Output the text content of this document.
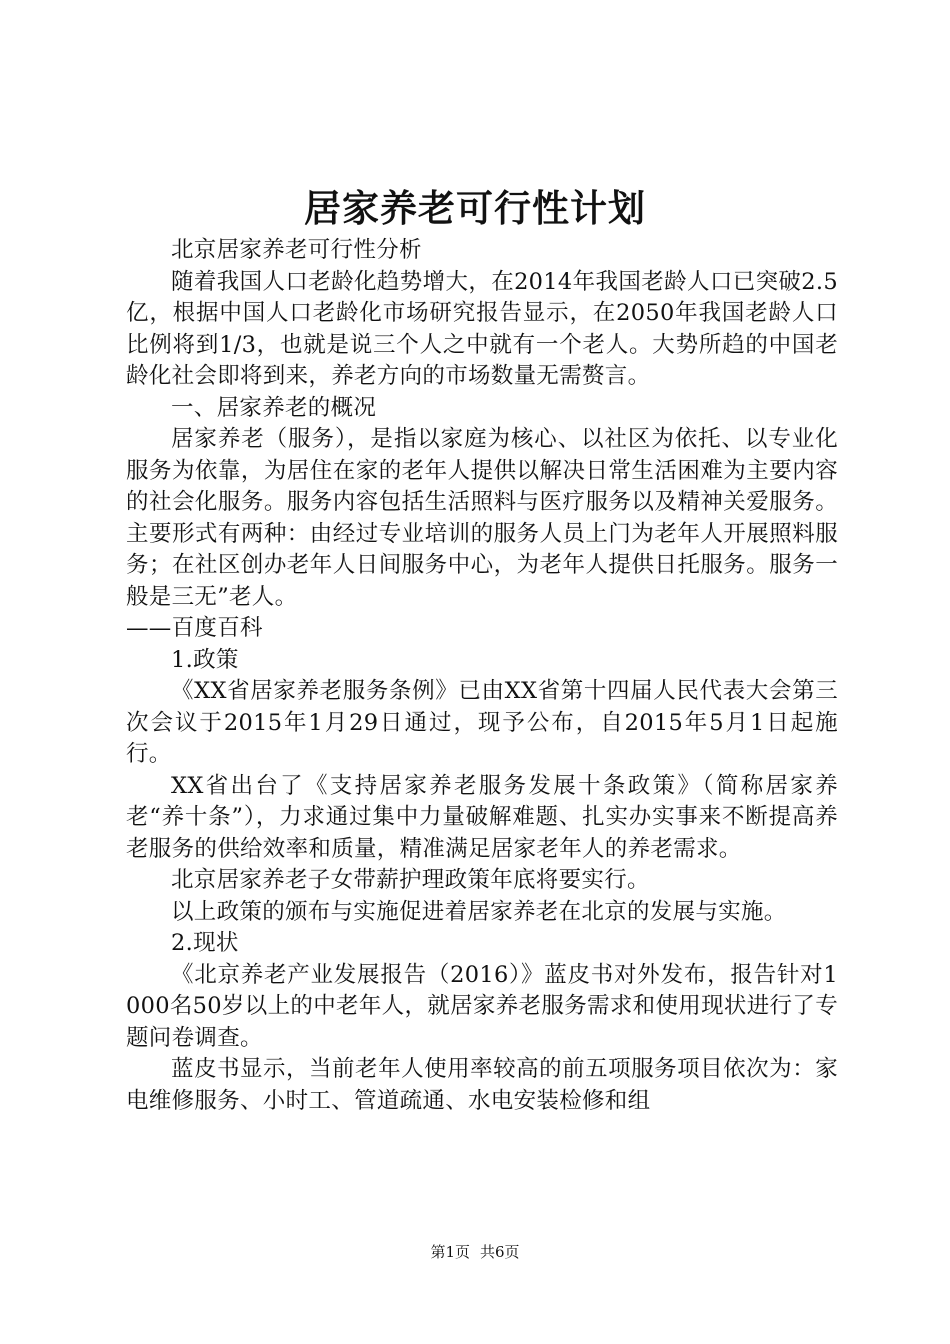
居家养老可行性计划

北京居家养老可行性分析

随着我国人口老龄化趋势增大，在2014年我国老龄人口已突破2.5亿，根据中国人口老龄化市场研究报告显示，在2050年我国老龄人口比例将到1/3，也就是说三个人之中就有一个老人。大势所趋的中国老龄化社会即将到来，养老方向的市场数量无需赘言。

一、居家养老的概况

居家养老（服务），是指以家庭为核心、以社区为依托、以专业化服务为依靠，为居住在家的老年人提供以解决日常生活困难为主要内容的社会化服务。服务内容包括生活照料与医疗服务以及精神关爱服务。主要形式有两种：由经过专业培训的服务人员上门为老年人开展照料服务；在社区创办老年人日间服务中心，为老年人提供日托服务。服务一般是三无”老人。

——百度百科

1.政策

《XX省居家养老服务条例》已由XX省第十四届人民代表大会第三次会议于2015年1月29日通过，现予公布，自2015年5月1日起施行。

XX省出台了《支持居家养老服务发展十条政策》（简称居家养老“养十条”），力求通过集中力量破解难题、扎实办实事来不断提高养老服务的供给效率和质量，精准满足居家老年人的养老需求。

北京居家养老子女带薪护理政策年底将要实行。

以上政策的颁布与实施促进着居家养老在北京的发展与实施。

2.现状

《北京养老产业发展报告（2016）》蓝皮书对外发布，报告针对1000名50岁以上的中老年人，就居家养老服务需求和使用现状进行了专题问卷调查。

蓝皮书显示，当前老年人使用率较高的前五项服务项目依次为：家电维修服务、小时工、管道疏通、水电安装检修和组

第1页 共6页
